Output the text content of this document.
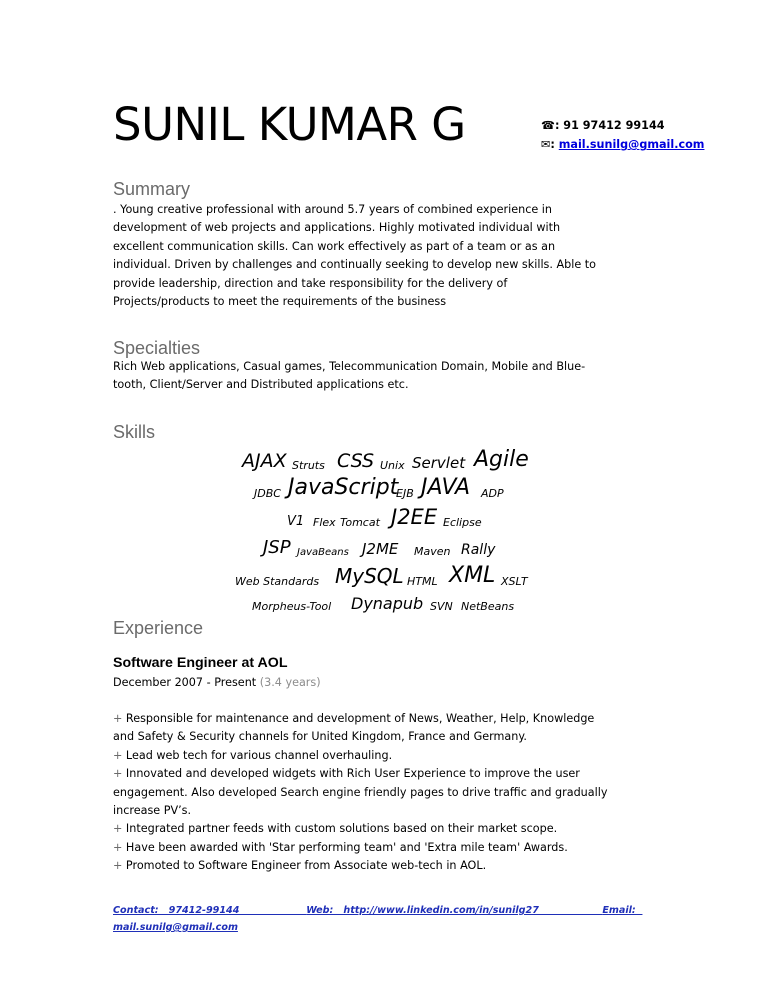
SUNIL KUMAR G	☎: 91 97412 99144
✉: mail.sunilg@gmail.com
Summary
. Young creative professional with around 5.7 years of combined experience in
development of web projects and applications. Highly motivated individual with
excellent communication skills. Can work effectively as part of a team or as an
individual. Driven by challenges and continually seeking to develop new skills. Able to
provide leadership, direction and take responsibility for the delivery of
Projects/products to meet the requirements of the business
Specialties
Rich Web applications, Casual games, Telecommunication Domain, Mobile and Blue-
tooth, Client/Server and Distributed applications etc.
Skills
AJAX Struts CSS Unix Servlet Agile
JDBC JavaScript
EJB JAVA ADP
V1 Flex Tomcat J2EE Eclipse
JSP JavaBeans J2ME Maven Rally
Web Standards MySQL HTML XML XSLT
Morpheus-Tool Dynapub SVN NetBeans
Experience
Software Engineer at AOL
December 2007 - Present (3.4 years)
+ Responsible for maintenance and development of News, Weather, Help, Knowledge
and Safety & Security channels for United Kingdom, France and Germany.
+ Lead web tech for various channel overhauling.
+ Innovated and developed widgets with Rich User Experience to improve the user
engagement. Also developed Search engine friendly pages to drive traffic and gradually
increase PV’s.
+ Integrated partner feeds with custom solutions based on their market scope.
+ Have been awarded with 'Star performing team' and 'Extra mile team' Awards.
+ Promoted to Software Engineer from Associate web-tech in AOL.
Contact:   97412-99144                    Web:   http://www.linkedin.com/in/sunilg27                   Email:
mail.sunilg@gmail.com
